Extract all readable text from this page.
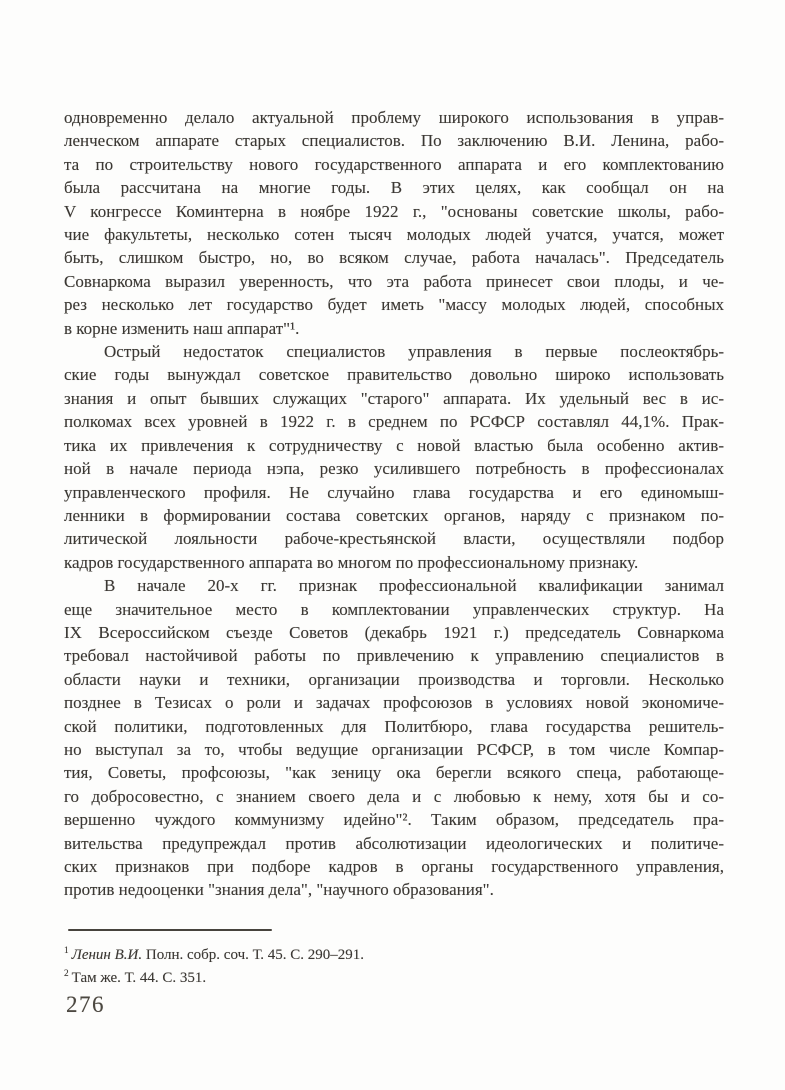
одновременно делало актуальной проблему широкого использования в управ-
ленческом аппарате старых специалистов. По заключению В.И. Ленина, рабо-
та по строительству нового государственного аппарата и его комплектованию
была рассчитана на многие годы. В этих целях, как сообщал он на
V конгрессе Коминтерна в ноябре 1922 г., "основаны советские школы, рабо-
чие факультеты, несколько сотен тысяч молодых людей учатся, учатся, может
быть, слишком быстро, но, во всяком случае, работа началась". Председатель
Совнаркома выразил уверенность, что эта работа принесет свои плоды, и че-
рез несколько лет государство будет иметь "массу молодых людей, способных
в корне изменить наш аппарат"¹.
Острый недостаток специалистов управления в первые послеоктябрь-
ские годы вынуждал советское правительство довольно широко использовать
знания и опыт бывших служащих "старого" аппарата. Их удельный вес в ис-
полкомах всех уровней в 1922 г. в среднем по РСФСР составлял 44,1%. Прак-
тика их привлечения к сотрудничеству с новой властью была особенно актив-
ной в начале периода нэпа, резко усилившего потребность в профессионалах
управленческого профиля. Не случайно глава государства и его единомыш-
ленники в формировании состава советских органов, наряду с признаком по-
литической лояльности рабоче-крестьянской власти, осуществляли подбор
кадров государственного аппарата во многом по профессиональному признаку.
В начале 20-х гг. признак профессиональной квалификации занимал
еще значительное место в комплектовании управленческих структур. На
IX Всероссийском съезде Советов (декабрь 1921 г.) председатель Совнаркома
требовал настойчивой работы по привлечению к управлению специалистов в
области науки и техники, организации производства и торговли. Несколько
позднее в Тезисах о роли и задачах профсоюзов в условиях новой экономиче-
ской политики, подготовленных для Политбюро, глава государства решитель-
но выступал за то, чтобы ведущие организации РСФСР, в том числе Компар-
тия, Советы, профсоюзы, "как зеницу ока берегли всякого спеца, работающе-
го добросовестно, с знанием своего дела и с любовью к нему, хотя бы и со-
вершенно чуждого коммунизму идейно"². Таким образом, председатель пра-
вительства предупреждал против абсолютизации идеологических и политиче-
ских признаков при подборе кадров в органы государственного управления,
против недооценки "знания дела", "научного образования".
$^1$ Ленин В.И. Полн. собр. соч. Т. 45. С. 290–291.
$^2$ Там же. Т. 44. С. 351.
276
